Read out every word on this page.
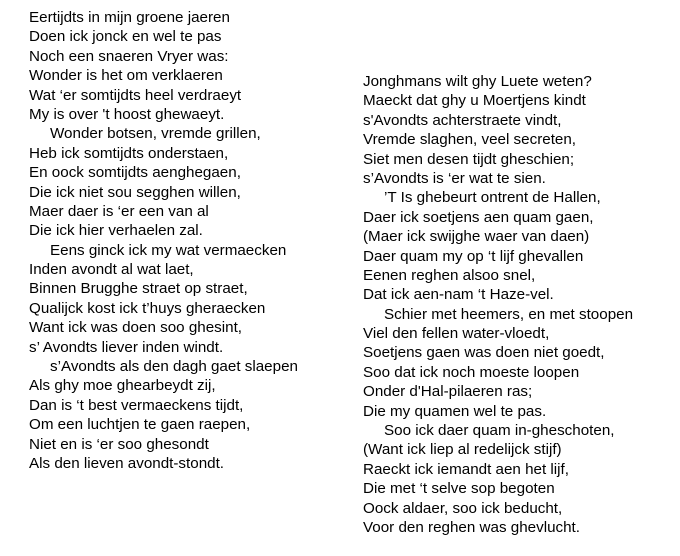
Eertijdts in mijn groene jaeren
Doen ick jonck en wel te pas
Noch een snaeren Vryer was:
Wonder is het om verklaeren
Wat ‘er somtijdts heel verdraeyt
My is over 't hoost ghewaeyt.
Wonder botsen, vremde grillen,
Heb ick somtijdts onderstaen,
En oock somtijdts aenghegaen,
Die ick niet sou segghen willen,
Maer daer is ‘er een van al
Die ick hier verhaelen zal.
Eens ginck ick my wat vermaecken
Inden avondt al wat laet,
Binnen Brugghe straet op straet,
Qualijck kost ick t’huys gheraecken
Want ick was doen soo ghesint,
s’ Avondts liever inden windt.
s’Avondts als den dagh gaet slaepen
Als ghy moe ghearbeydt zij,
Dan is ‘t best vermaeckens tijdt,
Om een luchtjen te gaen raepen,
Niet en is ‘er soo ghesondt
Als den lieven avondt-stondt.
Jonghmans wilt ghy Luete weten?
Maeckt dat ghy u Moertjens kindt
s'Avondts achterstraete vindt,
Vremde slaghen, veel secreten,
Siet men desen tijdt gheschien;
s’Avondts is ‘er wat te sien.
’T Is ghebeurt ontrent de Hallen,
Daer ick soetjens aen quam gaen,
(Maer ick swijghe waer van daen)
Daer quam my op ‘t lijf ghevallen
Eenen reghen alsoo snel,
Dat ick aen-nam ‘t Haze-vel.
Schier met heemers, en met stoopen
Viel den fellen water-vloedt,
Soetjens gaen was doen niet goedt,
Soo dat ick noch moeste loopen
Onder d'Hal-pilaeren ras;
Die my quamen wel te pas.
Soo ick daer quam in-gheschoten,
(Want ick liep al redelijck stijf)
Raeckt ick iemandt aen het lijf,
Die met ‘t selve sop begoten
Oock aldaer, soo ick beducht,
Voor den reghen was ghevlucht.
